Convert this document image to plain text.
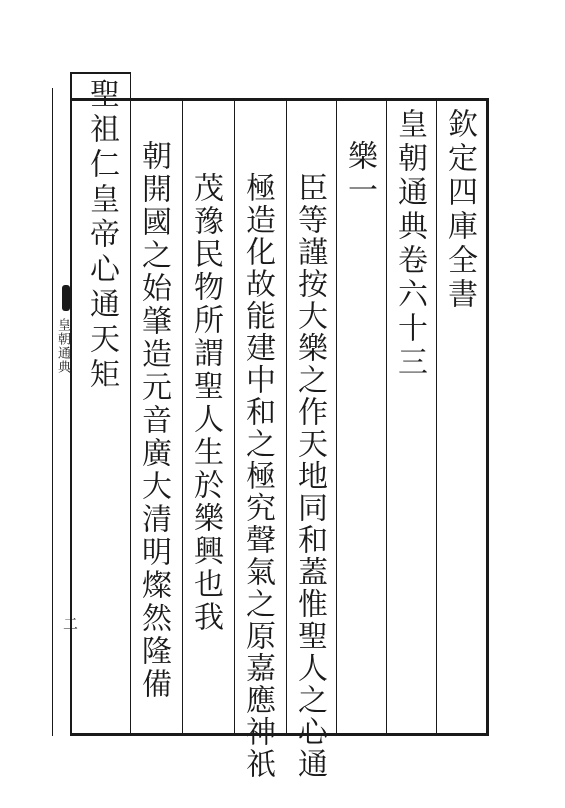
皇朝通典
二
欽定四庫全書
皇朝通典卷六十三
樂一
臣等謹按大樂之作天地同和蓋惟聖人之心通
極造化故能建中和之極究聲氣之原嘉應神祇
茂豫民物所謂聖人生於樂興也我
朝開國之始肇造元音廣大清明燦然隆備
聖祖仁皇帝心通天矩
